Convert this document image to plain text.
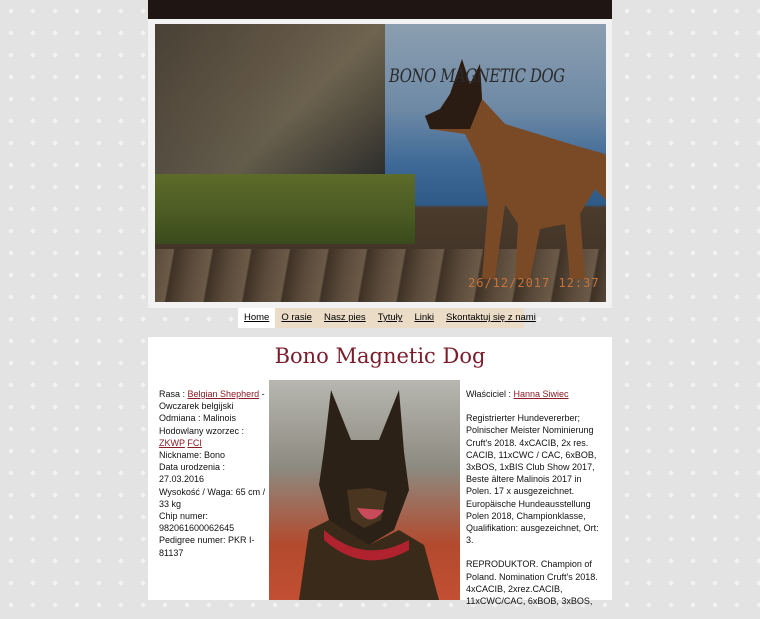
BONO MAGNETIC DOG
26/12/2017 12:37
Home	O rasie	Nasz pies	Tytuły	Linki	Skontaktuj się z nami
Bono Magnetic Dog
Rasa : Belgian Shepherd - Owczarek belgijski Odmiana : Malinois Hodowlany wzorzec : ZKWP FCI
Nickname: Bono
Data urodzenia : 27.03.2016
Wysokość / Waga: 65 cm / 33 kg
Chip numer: 982061600062645
Pedigree numer: PKR I-81137

Właściciel : Hanna Siwiec

Registrierter Hundevererber; Polnischer Meister Nominierung Cruft's 2018. 4xCACIB, 2x res. CACIB, 11xCWC / CAC, 6xBOB, 3xBOS, 1xBIS Club Show 2017, Beste ältere Malinois 2017 in Polen. 17 x ausgezeichnet. Europäische Hundeausstellung Polen 2018, Championklasse, Qualifikation: ausgezeichnet, Ort: 3.

REPRODUKTOR. Champion of Poland. Nomination Cruft's 2018. 4xCACIB, 2xrez.CACIB, 11xCWC/CAC, 6xBOB, 3xBOS,
